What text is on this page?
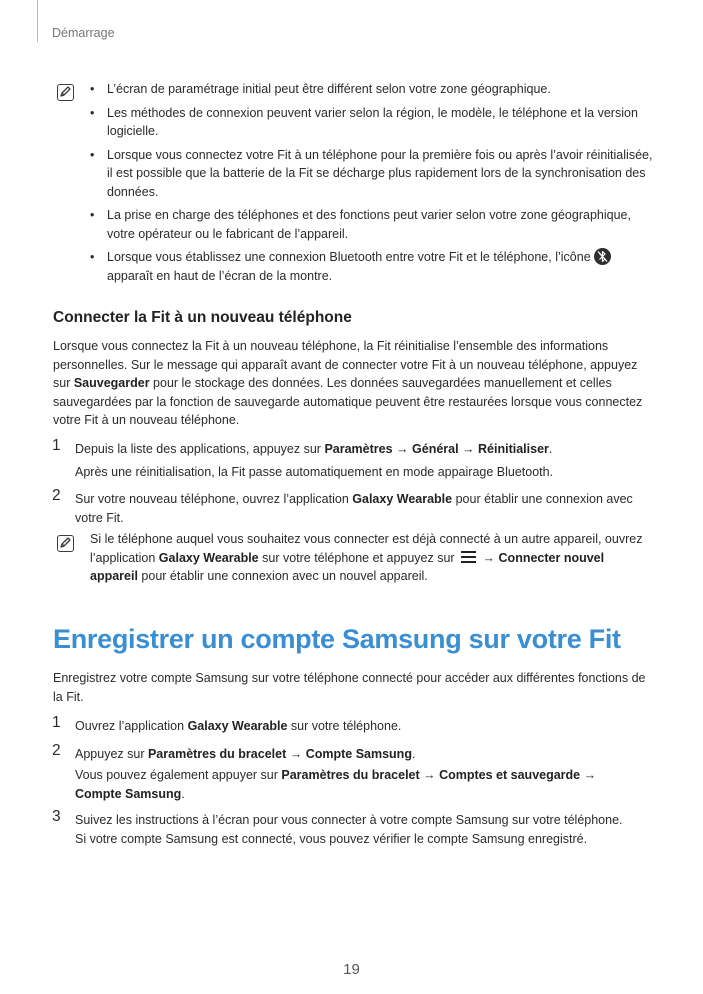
Démarrage
• L’écran de paramétrage initial peut être différent selon votre zone géographique.
• Les méthodes de connexion peuvent varier selon la région, le modèle, le téléphone et la version logicielle.
• Lorsque vous connectez votre Fit à un téléphone pour la première fois ou après l’avoir réinitialisée, il est possible que la batterie de la Fit se décharge plus rapidement lors de la synchronisation des données.
• La prise en charge des téléphones et des fonctions peut varier selon votre zone géographique, votre opérateur ou le fabricant de l’appareil.
• Lorsque vous établissez une connexion Bluetooth entre votre Fit et le téléphone, l’icône

apparaît en haut de l’écran de la montre.
Connecter la Fit à un nouveau téléphone

Lorsque vous connectez la Fit à un nouveau téléphone, la Fit réinitialise l’ensemble des informations personnelles. Sur le message qui apparaît avant de connecter votre Fit à un nouveau téléphone, appuyez sur Sauvegarder pour le stockage des données. Les données sauvegardées manuellement et celles sauvegardées par la fonction de sauvegarde automatique peuvent être restaurées lorsque vous connectez votre Fit à un nouveau téléphone.

1 Depuis la liste des applications, appuyez sur Paramètres → Général → Réinitialiser.

Après une réinitialisation, la Fit passe automatiquement en mode appairage Bluetooth.

2 Sur votre nouveau téléphone, ouvrez l’application Galaxy Wearable pour établir une connexion avec votre Fit.

Si le téléphone auquel vous souhaitez vous connecter est déjà connecté à un autre appareil, ouvrez l’application Galaxy Wearable sur votre téléphone et appuyez sur
→ Connecter nouvel appareil pour établir une connexion avec un nouvel appareil.

Enregistrer un compte Samsung sur votre Fit

Enregistrez votre compte Samsung sur votre téléphone connecté pour accéder aux différentes fonctions de la Fit.

1 Ouvrez l’application Galaxy Wearable sur votre téléphone.

2 Appuyez sur Paramètres du bracelet → Compte Samsung.

Vous pouvez également appuyer sur Paramètres du bracelet → Comptes et sauvegarde → Compte Samsung.

3 Suivez les instructions à l’écran pour vous connecter à votre compte Samsung sur votre téléphone.

Si votre compte Samsung est connecté, vous pouvez vérifier le compte Samsung enregistré.

19
